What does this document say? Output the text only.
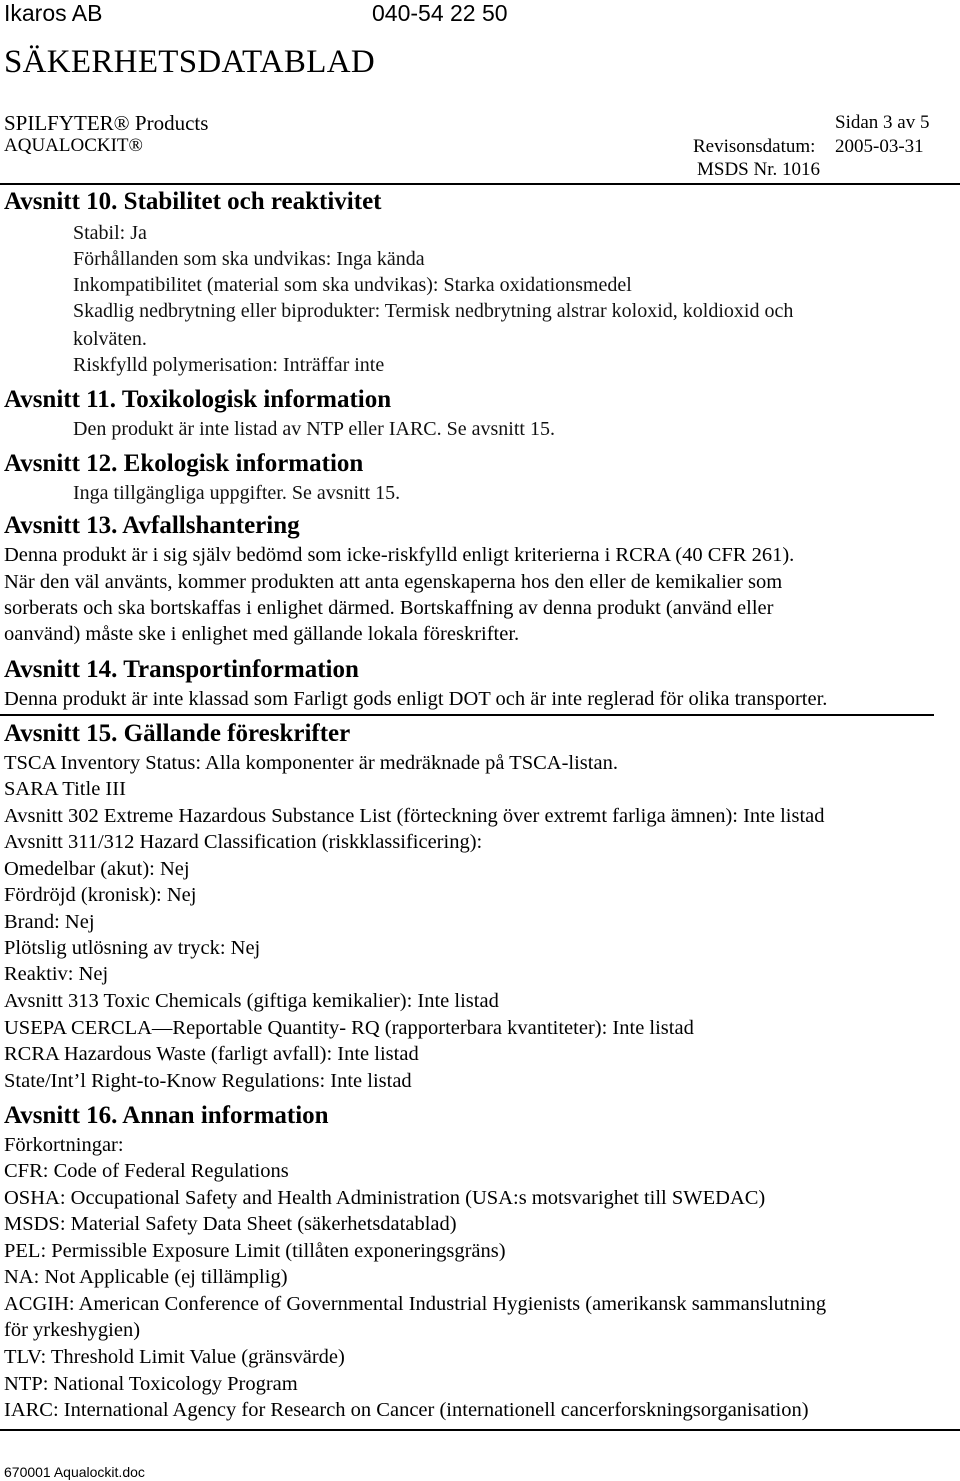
Ikaros AB	040-54 22 50
SÄKERHETSDATABLAD
SPILFYTER® Products	Sidan 3 av 5
AQUALOCKIT®	Revisonsdatum: 2005-03-31
MSDS Nr. 1016
Avsnitt 10. Stabilitet och reaktivitet
Stabil: Ja
Förhållanden som ska undvikas: Inga kända
Inkompatibilitet (material som ska undvikas): Starka oxidationsmedel
Skadlig nedbrytning eller biprodukter: Termisk nedbrytning alstrar koloxid, koldioxid och
kolväten.
Riskfylld polymerisation: Inträffar inte
Avsnitt 11. Toxikologisk information
Den produkt är inte listad av NTP eller IARC. Se avsnitt 15.
Avsnitt 12. Ekologisk information
Inga tillgängliga uppgifter. Se avsnitt 15.
Avsnitt 13. Avfallshantering
Denna produkt är i sig själv bedömd som icke-riskfylld enligt kriterierna i RCRA (40 CFR 261).
När den väl använts, kommer produkten att anta egenskaperna hos den eller de kemikalier som
sorberats och ska bortskaffas i enlighet därmed. Bortskaffning av denna produkt (använd eller
oanvänd) måste ske i enlighet med gällande lokala föreskrifter.
Avsnitt 14. Transportinformation
Denna produkt är inte klassad som Farligt gods enligt DOT och är inte reglerad för olika transporter.
Avsnitt 15. Gällande föreskrifter
TSCA Inventory Status: Alla komponenter är medräknade på TSCA-listan.
SARA Title III
Avsnitt 302 Extreme Hazardous Substance List (förteckning över extremt farliga ämnen): Inte listad
Avsnitt 311/312 Hazard Classification (riskklassificering):
Omedelbar (akut): Nej
Fördröjd (kronisk): Nej
Brand: Nej
Plötslig utlösning av tryck: Nej
Reaktiv: Nej
Avsnitt 313 Toxic Chemicals (giftiga kemikalier): Inte listad
USEPA CERCLA—Reportable Quantity- RQ (rapporterbara kvantiteter): Inte listad
RCRA Hazardous Waste (farligt avfall): Inte listad
State/Int’l Right-to-Know Regulations: Inte listad
Avsnitt 16. Annan information
Förkortningar:
CFR: Code of Federal Regulations
OSHA: Occupational Safety and Health Administration (USA:s motsvarighet till SWEDAC)
MSDS: Material Safety Data Sheet (säkerhetsdatablad)
PEL: Permissible Exposure Limit (tillåten exponeringsgräns)
NA: Not Applicable (ej tillämplig)
ACGIH: American Conference of Governmental Industrial Hygienists (amerikansk sammanslutning
för yrkeshygien)
TLV: Threshold Limit Value (gränsvärde)
NTP: National Toxicology Program
IARC: International Agency for Research on Cancer (internationell cancerforskningsorganisation)
670001 Aqualockit.doc
